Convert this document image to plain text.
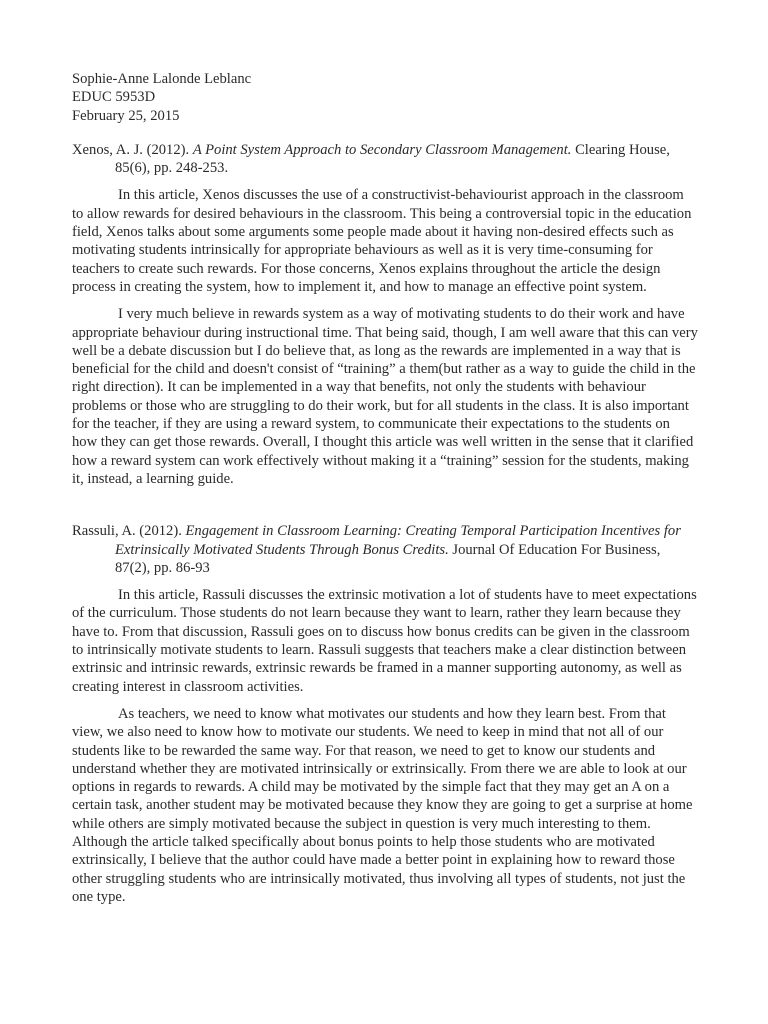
Sophie-Anne Lalonde Leblanc

EDUC 5953D

February 25, 2015

Xenos, A. J. (2012). A Point System Approach to Secondary Classroom Management. Clearing House, 85(6), pp. 248-253.

In this article, Xenos discusses the use of a constructivist-behaviourist approach in the classroom to allow rewards for desired behaviours in the classroom. This being a controversial topic in the education field, Xenos talks about some arguments some people made about it having non-desired effects such as motivating students intrinsically for appropriate behaviours as well as it is very time-consuming for teachers to create such rewards. For those concerns, Xenos explains throughout the article the design process in creating the system, how to implement it, and how to manage an effective point system.

I very much believe in rewards system as a way of motivating students to do their work and have appropriate behaviour during instructional time. That being said, though, I am well aware that this can very well be a debate discussion but I do believe that, as long as the rewards are implemented in a way that is beneficial for the child and doesn't consist of “training” a them(but rather as a way to guide the child in the right direction). It can be implemented in a way that benefits, not only the students with behaviour problems or those who are struggling to do their work, but for all students in the class. It is also important for the teacher, if they are using a reward system, to communicate their expectations to the students on how they can get those rewards. Overall, I thought this article was well written in the sense that it clarified how a reward system can work effectively without making it a “training” session for the students, making it, instead, a learning guide.

Rassuli, A. (2012). Engagement in Classroom Learning: Creating Temporal Participation Incentives for Extrinsically Motivated Students Through Bonus Credits. Journal Of Education For Business, 87(2), pp. 86-93

In this article, Rassuli discusses the extrinsic motivation a lot of students have to meet expectations of the curriculum. Those students do not learn because they want to learn, rather they learn because they have to. From that discussion, Rassuli goes on to discuss how bonus credits can be given in the classroom to intrinsically motivate students to learn. Rassuli suggests that teachers make a clear distinction between extrinsic and intrinsic rewards, extrinsic rewards be framed in a manner supporting autonomy, as well as creating interest in classroom activities.

As teachers, we need to know what motivates our students and how they learn best. From that view, we also need to know how to motivate our students. We need to keep in mind that not all of our students like to be rewarded the same way. For that reason, we need to get to know our students and understand whether they are motivated intrinsically or extrinsically. From there we are able to look at our options in regards to rewards. A child may be motivated by the simple fact that they may get an A on a certain task, another student may be motivated because they know they are going to get a surprise at home while others are simply motivated because the subject in question is very much interesting to them. Although the article talked specifically about bonus points to help those students who are motivated extrinsically, I believe that the author could have made a better point in explaining how to reward those other struggling students who are intrinsically motivated, thus involving all types of students, not just the one type.
